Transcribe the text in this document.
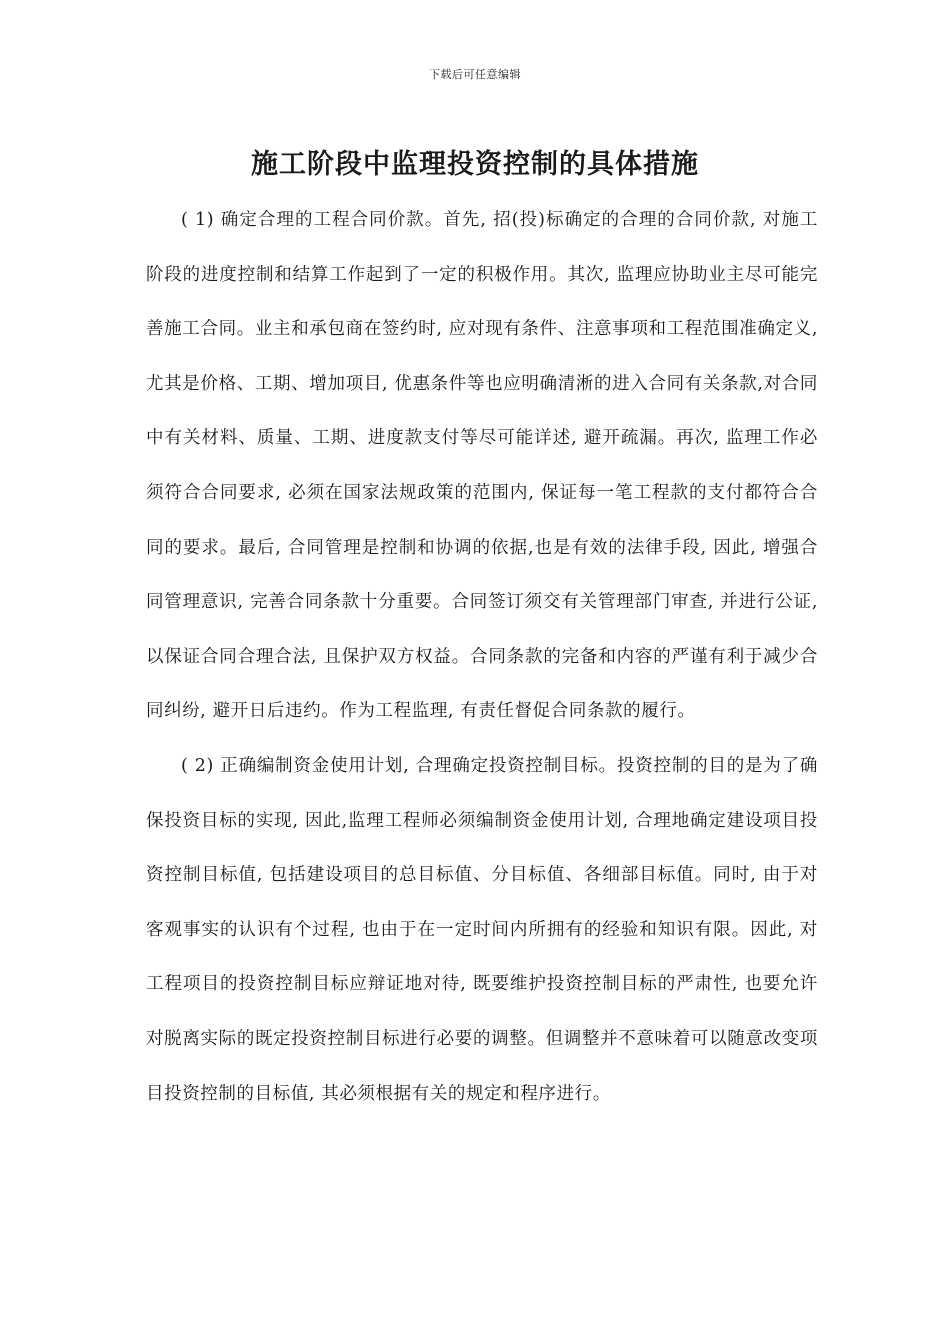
下载后可任意编辑
施工阶段中监理投资控制的具体措施

( 1) 确定合理的工程合同价款。首先, 招(投)标确定的合理的合同价款, 对施工阶段的进度控制和结算工作起到了一定的积极作用。其次, 监理应协助业主尽可能完善施工合同。业主和承包商在签约时, 应对现有条件、注意事项和工程范围准确定义, 尤其是价格、工期、增加项目, 优惠条件等也应明确清淅的进入合同有关条款,对合同中有关材料、质量、工期、进度款支付等尽可能详述, 避开疏漏。再次, 监理工作必须符合合同要求, 必须在国家法规政策的范围内, 保证每一笔工程款的支付都符合合同的要求。最后, 合同管理是控制和协调的依据,也是有效的法律手段, 因此, 增强合同管理意识, 完善合同条款十分重要。合同签订须交有关管理部门审查, 并进行公证, 以保证合同合理合法, 且保护双方权益。合同条款的完备和内容的严谨有利于减少合同纠纷, 避开日后违约。作为工程监理, 有责任督促合同条款的履行。

( 2) 正确编制资金使用计划, 合理确定投资控制目标。投资控制的目的是为了确保投资目标的实现, 因此,监理工程师必须编制资金使用计划, 合理地确定建设项目投资控制目标值, 包括建设项目的总目标值、分目标值、各细部目标值。同时, 由于对客观事实的认识有个过程, 也由于在一定时间内所拥有的经验和知识有限。因此, 对工程项目的投资控制目标应辩证地对待, 既要维护投资控制目标的严肃性, 也要允许对脱离实际的既定投资控制目标进行必要的调整。但调整并不意味着可以随意改变项目投资控制的目标值, 其必须根据有关的规定和程序进行。
